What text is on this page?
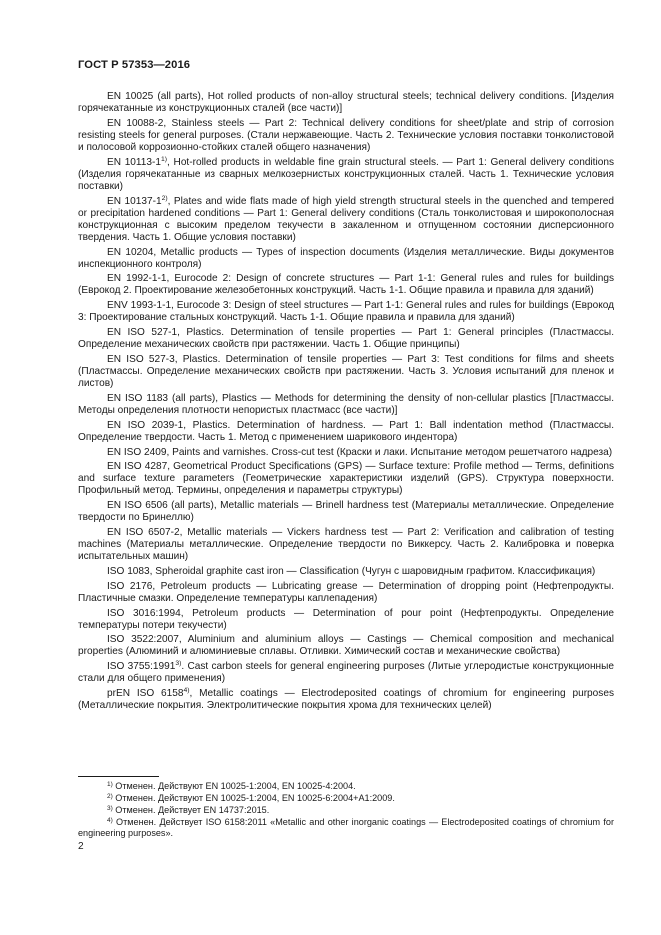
ГОСТ Р 57353—2016

EN 10025 (all parts), Hot rolled products of non-alloy structural steels; technical delivery conditions. [Изделия горячекатанные из конструкционных сталей (все части)]

EN 10088-2, Stainless steels — Part 2: Technical delivery conditions for sheet/plate and strip of corrosion resisting steels for general purposes. (Стали нержавеющие. Часть 2. Технические условия поставки тонколистовой и полосовой коррозионно-стойких сталей общего назначения)

EN 10113-1$^{1)}$, Hot-rolled products in weldable fine grain structural steels. — Part 1: General delivery conditions (Изделия горячекатанные из сварных мелкозернистых конструкционных сталей. Часть 1. Технические условия поставки)

EN 10137-1$^{2)}$, Plates and wide flats made of high yield strength structural steels in the quenched and tempered or precipitation hardened conditions — Part 1: General delivery conditions (Сталь тонколистовая и широкополосная конструкционная с высоким пределом текучести в закаленном и отпущенном состоянии дисперсионного твердения. Часть 1. Общие условия поставки)

EN 10204, Metallic products — Types of inspection documents (Изделия металлические. Виды документов инспекционного контроля)

EN 1992-1-1, Eurocode 2: Design of concrete structures — Part 1-1: General rules and rules for buildings (Еврокод 2. Проектирование железобетонных конструкций. Часть 1-1. Общие правила и правила для зданий)

ENV 1993-1-1, Eurocode 3: Design of steel structures — Part 1-1: General rules and rules for buildings (Еврокод 3: Проектирование стальных конструкций. Часть 1-1. Общие правила и правила для зданий)

EN ISO 527-1, Plastics. Determination of tensile properties — Part 1: General principles (Пластмассы. Определение механических свойств при растяжении. Часть 1. Общие принципы)

EN ISO 527-3, Plastics. Determination of tensile properties — Part 3: Test conditions for films and sheets (Пластмассы. Определение механических свойств при растяжении. Часть 3. Условия испытаний для пленок и листов)

EN ISO 1183 (all parts), Plastics — Methods for determining the density of non-cellular plastics [Пластмассы. Методы определения плотности непористых пластмасс (все части)]

EN ISO 2039-1, Plastics. Determination of hardness. — Part 1: Ball indentation method (Пластмассы. Определение твердости. Часть 1. Метод с применением шарикового индентора)

EN ISO 2409, Paints and varnishes. Cross-cut test (Краски и лаки. Испытание методом решетчатого надреза)

EN ISO 4287, Geometrical Product Specifications (GPS) — Surface texture: Profile method — Terms, definitions and surface texture parameters (Геометрические характеристики изделий (GPS). Структура поверхности. Профильный метод. Термины, определения и параметры структуры)

EN ISO 6506 (all parts), Metallic materials — Brinell hardness test (Материалы металлические. Определение твердости по Бринеллю)

EN ISO 6507-2, Metallic materials — Vickers hardness test — Part 2: Verification and calibration of testing machines (Материалы металлические. Определение твердости по Виккерсу. Часть 2. Калибровка и поверка испытательных машин)

ISO 1083, Spheroidal graphite cast iron — Classification (Чугун с шаровидным графитом. Классификация)

ISO 2176, Petroleum products — Lubricating grease — Determination of dropping point (Нефтепродукты. Пластичные смазки. Определение температуры каплепадения)

ISO 3016:1994, Petroleum products — Determination of pour point (Нефтепродукты. Определение температуры потери текучести)

ISO 3522:2007, Aluminium and aluminium alloys — Castings — Chemical composition and mechanical properties (Алюминий и алюминиевые сплавы. Отливки. Химический состав и механические свойства)

ISO 3755:1991$^{3)}$. Cast carbon steels for general engineering purposes (Литые углеродистые конструкционные стали для общего применения)

prEN ISO 6158$^{4)}$, Metallic coatings — Electrodeposited coatings of chromium for engineering purposes (Металлические покрытия. Электролитические покрытия хрома для технических целей)

$^{1)}$ Отменен. Действуют EN 10025-1:2004, EN 10025-4:2004.

$^{2)}$ Отменен. Действуют EN 10025-1:2004, EN 10025-6:2004+A1:2009.

$^{3)}$ Отменен. Действует EN 14737:2015.

$^{4)}$ Отменен. Действует ISO 6158:2011 «Metallic and other inorganic coatings — Electrodeposited coatings of chromium for engineering purposes».

2
